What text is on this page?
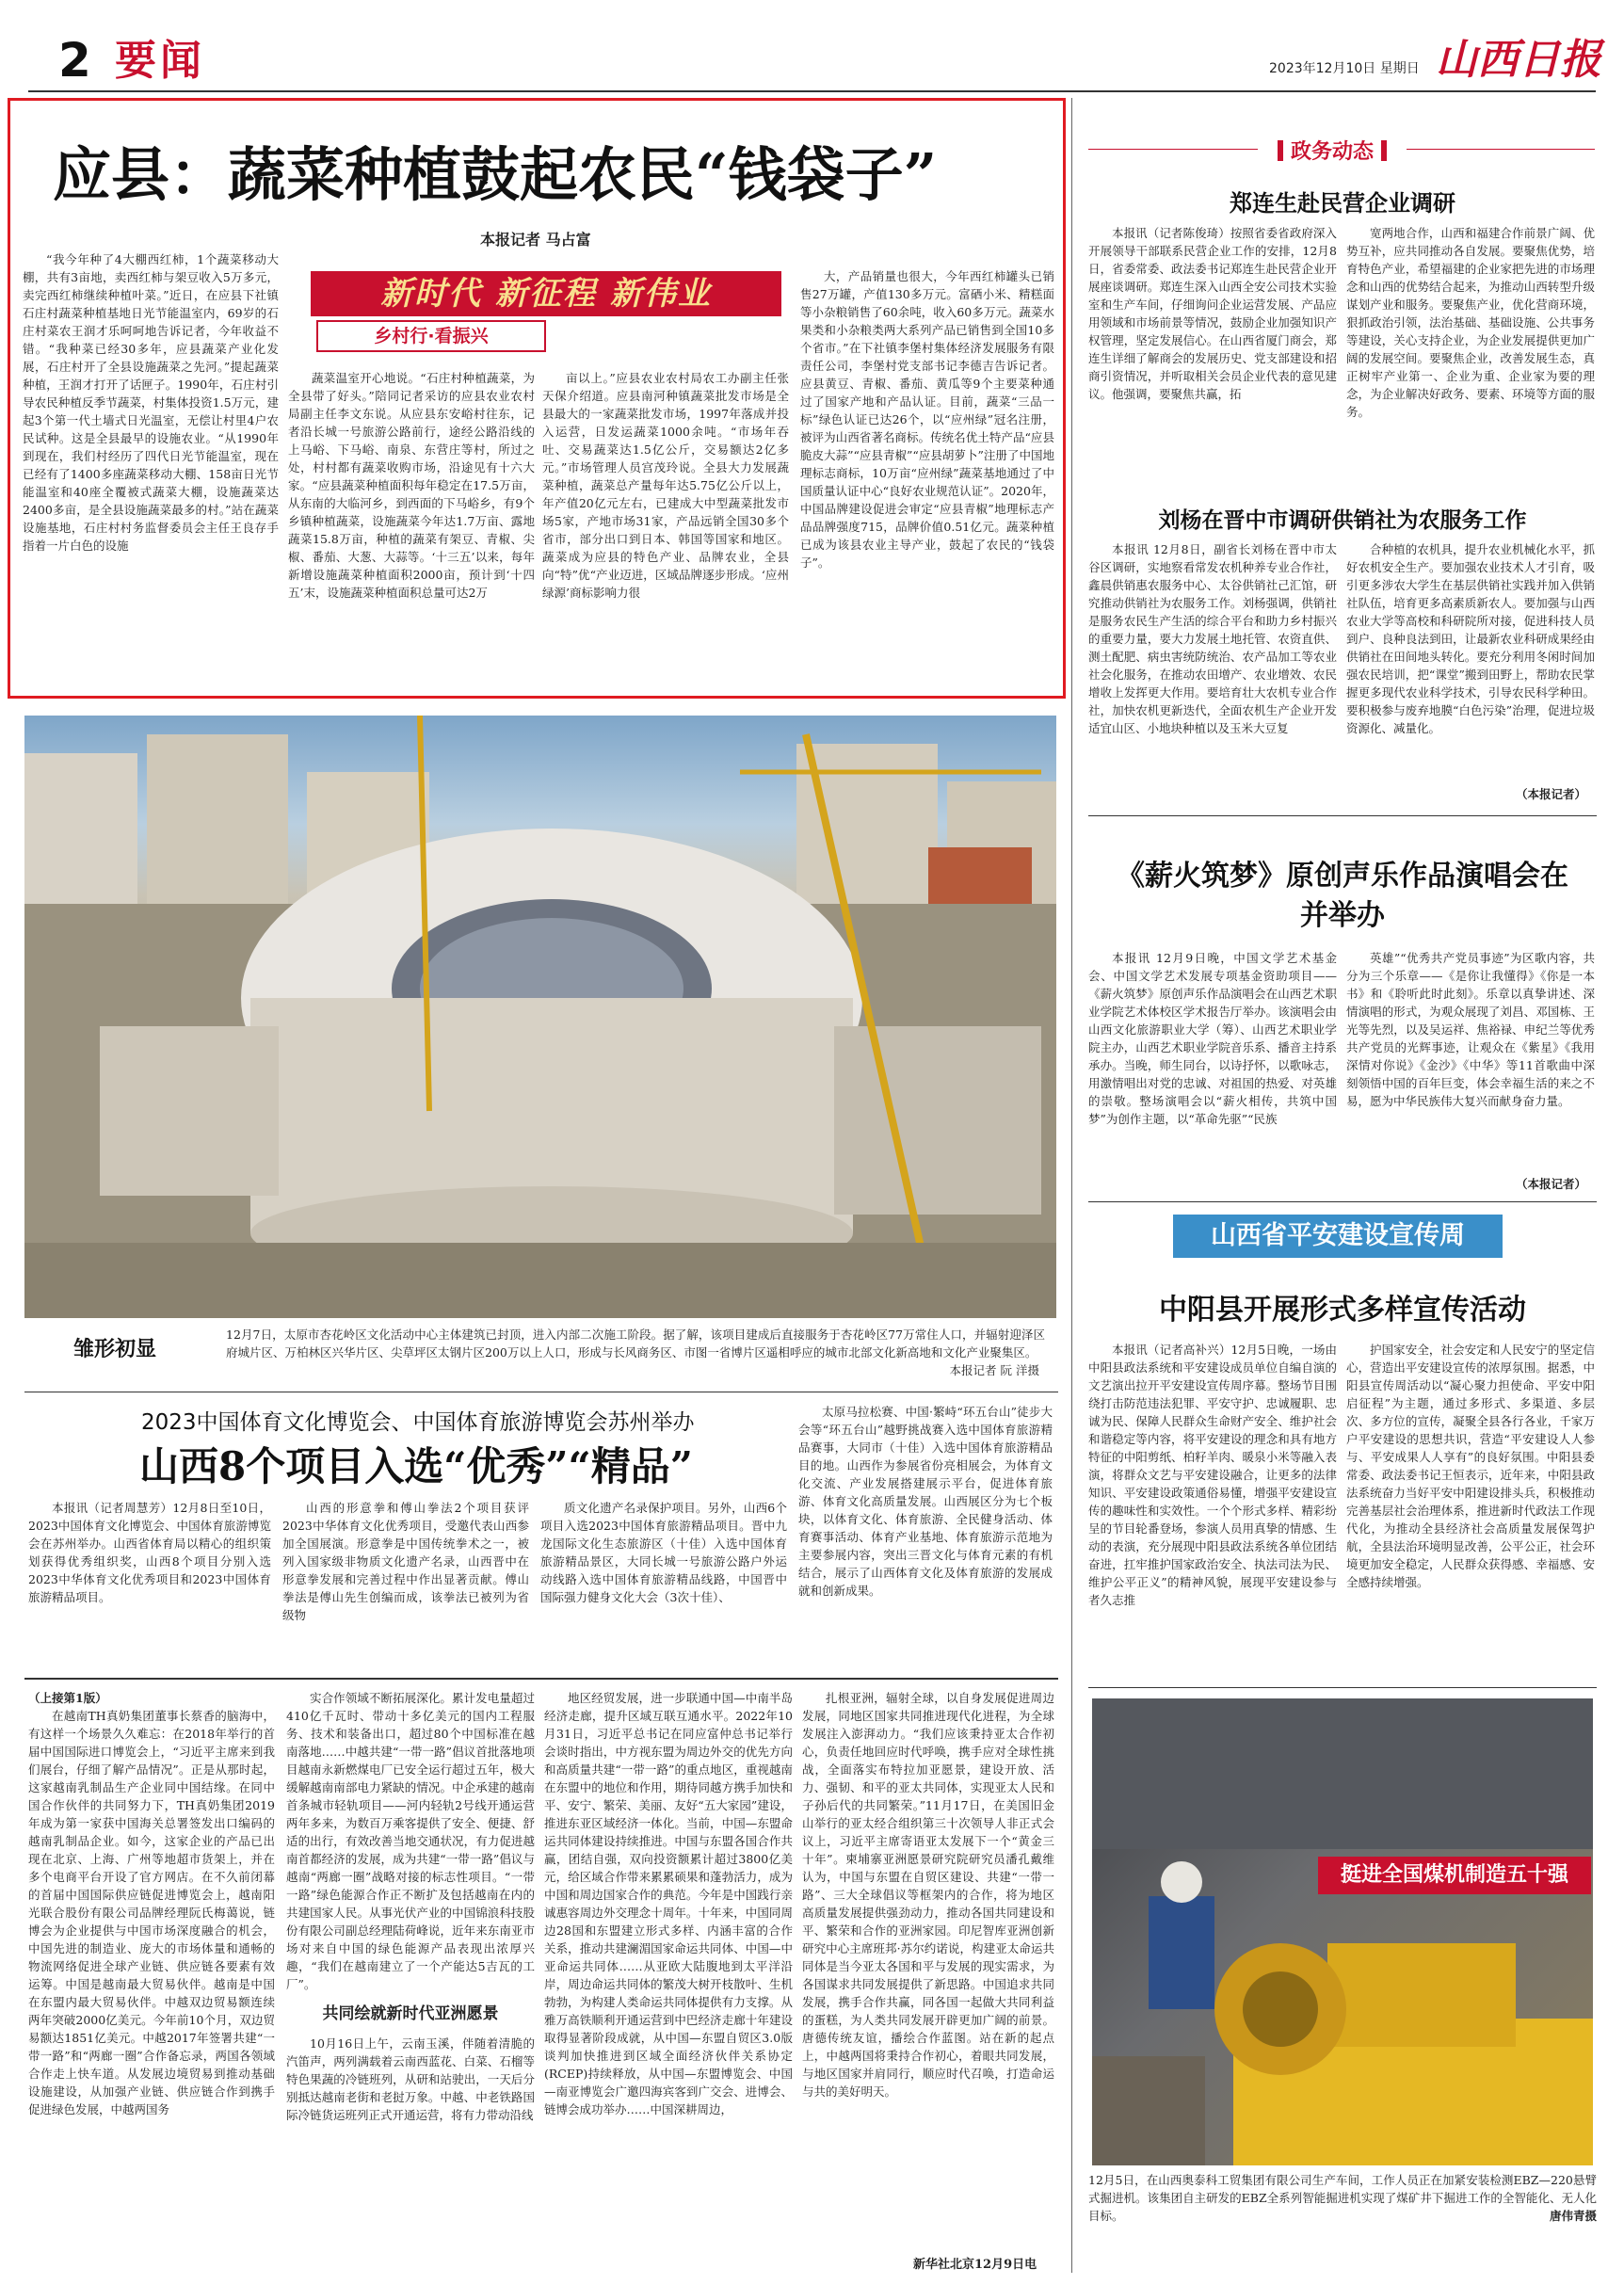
2 要闻	2023年12月10日 星期日 山西日报
应县：蔬菜种植鼓起农民“钱袋子”
本报记者 马占富
新时代 新征程 新伟业
乡村行·看振兴

“我今年种了4大棚西红柿，1个蔬菜移动大棚，共有3亩地，卖西红柿与架豆收入5万多元，卖完西红柿继续种植叶菜。”近日，在应县下社镇石庄村蔬菜种植基地日光节能温室内，69岁的石庄村菜农王润才乐呵呵地告诉记者，今年收益不错。“我种菜已经30多年，应县蔬菜产业化发展，石庄村开了全县设施蔬菜之先河。”提起蔬菜种植，王润才打开了话匣子。1990年，石庄村引导农民种植反季节蔬菜，村集体投资1.5万元，建起3个第一代土墙式日光温室，无偿让村里4户农民试种。这是全县最早的设施农业。“从1990年到现在，我们村经历了四代日光节能温室，现在已经有了1400多座蔬菜移动大棚、158亩日光节能温室和40座全覆被式蔬菜大棚，设施蔬菜达2400多亩，是全县设施蔬菜最多的村。”站在蔬菜设施基地，石庄村村务监督委员会主任王良存手指着一片白色的设施

蔬菜温室开心地说。“石庄村种植蔬菜，为全县带了好头。”陪同记者采访的应县农业农村局副主任李文东说。从应县东安峪村往东，记者沿长城一号旅游公路前行，途经公路沿线的上马峪、下马峪、南泉、东营庄等村，所过之处，村村都有蔬菜收购市场，沿途见有十六大家。“应县蔬菜种植面积每年稳定在17.5万亩，从东南的大临河乡，到西面的下马峪乡，有9个乡镇种植蔬菜，设施蔬菜今年达1.7万亩、露地蔬菜15.8万亩，种植的蔬菜有架豆、青椒、尖椒、番茄、大葱、大蒜等。‘十三五’以来，每年新增设施蔬菜种植面积2000亩，预计到‘十四五’末，设施蔬菜种植面积总量可达2万

亩以上。”应县农业农村局农工办副主任张天保介绍道。应县南河种镇蔬菜批发市场是全县最大的一家蔬菜批发市场，1997年落成并投入运营，日发运蔬菜1000余吨。“市场年吞吐、交易蔬菜达1.5亿公斤，交易额达2亿多元。”市场管理人员宫茂玲说。全县大力发展蔬菜种植，蔬菜总产量每年达5.75亿公斤以上，年产值20亿元左右，已建成大中型蔬菜批发市场5家，产地市场31家，产品远销全国30多个省市，部分出口到日本、韩国等国家和地区。蔬菜成为应县的特色产业、品牌农业，全县向“特”优“产业迈进，区域品牌逐步形成。‘应州绿源’商标影响力很

大，产品销量也很大，今年西红柿罐头已销售27万罐，产值130多万元。富硒小米、精糕面等小杂粮销售了60余吨，收入60多万元。蔬菜水果类和小杂粮类两大系列产品已销售到全国10多个省市。”在下社镇李堡村集体经济发展服务有限责任公司，李堡村党支部书记李德吉告诉记者。应县黄豆、青椒、番茄、黄瓜等9个主要菜种通过了国家产地和产品认证。目前，蔬菜“三品一标”绿色认证已达26个，以“应州绿”冠名注册，被评为山西省著名商标。传统名优土特产品“应县脆皮大蒜”“应县青椒”“应县胡萝卜”注册了中国地理标志商标，10万亩“应州绿”蔬菜基地通过了中国质量认证中心“良好农业规范认证”。2020年，中国品牌建设促进会审定“应县青椒”地理标志产品品牌强度715，品牌价值0.51亿元。蔬菜种植已成为该县农业主导产业，鼓起了农民的“钱袋子”。

雏形初显
12月7日，太原市杏花岭区文化活动中心主体建筑已封顶，进入内部二次施工阶段。据了解，该项目建成后直接服务于杏花岭区77万常住人口，并辐射迎泽区府城片区、万柏林区兴华片区、尖草坪区太钢片区200万以上人口，形成与长风商务区、市图一省博片区遥相呼应的城市北部文化新高地和文化产业聚集区。
本报记者 阮 洋摄
2023中国体育文化博览会、中国体育旅游博览会苏州举办
山西8个项目入选“优秀”“精品”

本报讯（记者周慧芳）12月8日至10日，2023中国体育文化博览会、中国体育旅游博览会在苏州举办。山西省体育局以精心的组织策划获得优秀组织奖，山西8个项目分别入选2023中华体育文化优秀项目和2023中国体育旅游精品项目。

山西的形意拳和傅山拳法2个项目获评2023中华体育文化优秀项目，受邀代表山西参加全国展演。形意拳是中国传统拳术之一，被列入国家级非物质文化遗产名录，山西晋中在形意拳发展和完善过程中作出显著贡献。傅山拳法是傅山先生创编而成，该拳法已被列为省级物

质文化遗产名录保护项目。另外，山西6个项目入选2023中国体育旅游精品项目。晋中九龙国际文化生态旅游区（十佳）入选中国体育旅游精品景区，大同长城一号旅游公路户外运动线路入选中国体育旅游精品线路，中国晋中国际强力健身文化大会（3次十佳）、

太原马拉松赛、中国·繁峙“环五台山”徒步大会等“环五台山”越野挑战赛入选中国体育旅游精品赛事，大同市（十佳）入选中国体育旅游精品目的地。山西作为参展省份亮相展会，为体育文化交流、产业发展搭建展示平台，促进体育旅游、体育文化高质量发展。山西展区分为七个板块，以体育文化、体育旅游、全民健身活动、体育赛事活动、体育产业基地、体育旅游示范地为主要参展内容，突出三晋文化与体育元素的有机结合，展示了山西体育文化及体育旅游的发展成就和创新成果。

（上接第1版）

在越南TH真奶集团董事长蔡香的脑海中，有这样一个场景久久难忘：在2018年举行的首届中国国际进口博览会上，“习近平主席来到我们展台，仔细了解产品情况”。正是从那时起，这家越南乳制品生产企业同中国结缘。在同中国合作伙伴的共同努力下，TH真奶集团2019年成为第一家获中国海关总署签发出口编码的越南乳制品企业。如今，这家企业的产品已出现在北京、上海、广州等地超市货架上，并在多个电商平台开设了官方网店。在不久前闭幕的首届中国国际供应链促进博览会上，越南阳光联合股份有限公司品牌经理阮氏梅蔼说，链博会为企业提供与中国市场深度融合的机会，中国先进的制造业、庞大的市场体量和通畅的物流网络促进全球产业链、供应链各要素有效运筹。中国是越南最大贸易伙伴。越南是中国在东盟内最大贸易伙伴。中越双边贸易额连续两年突破2000亿美元。今年前10个月，双边贸易额达1851亿美元。中越2017年签署共建“一带一路”和“两廊一圈”合作备忘录，两国各领域合作走上快车道。从发展边境贸易到推动基础设施建设，从加强产业链、供应链合作到携手促进绿色发展，中越两国务

实合作领域不断拓展深化。累计发电量超过410亿千瓦时、带动十多亿美元的国内工程服务、技术和装备出口，超过80个中国标准在越南落地……中越共建“一带一路”倡议首批落地项目越南永新燃煤电厂已安全运行超过五年，极大缓解越南南部电力紧缺的情况。中企承建的越南首条城市轻轨项目——河内轻轨2号线开通运营两年多来，为数百万乘客提供了安全、便捷、舒适的出行，有效改善当地交通状况，有力促进越南首都经济的发展，成为共建“一带一路”倡议与越南“两廊一圈”战略对接的标志性项目。“一带一路”绿色能源合作正不断扩及包括越南在内的共建国家人民。从事光伏产业的中国锦浪科技股份有限公司副总经理陆荷峰说，近年来东南亚市场对来自中国的绿色能源产品表现出浓厚兴趣，“我们在越南建立了一个产能达5吉瓦的工厂”。

共同绘就新时代亚洲愿景

10月16日上午，云南玉溪，伴随着清脆的汽笛声，两列满载着云南西蓝花、白菜、石榴等特色果蔬的冷链班列，从研和站驶出，一天后分别抵达越南老街和老挝万象。中越、中老铁路国际冷链货运班列正式开通运营，将有力带动沿线

地区经贸发展，进一步联通中国—中南半岛经济走廊，提升区域互联互通水平。2022年10月31日，习近平总书记在同应富仲总书记举行会谈时指出，中方视东盟为周边外交的优先方向和高质量共建“一带一路”的重点地区，重视越南在东盟中的地位和作用，期待同越方携手加快和平、安宁、繁荣、美丽、友好“五大家园”建设，推进东亚区域经济一体化。当前，中国—东盟命运共同体建设持续推进。中国与东盟各国合作共赢，团结自强，双向投资额累计超过3800亿美元，给区域合作带来累累硕果和蓬勃活力，成为中国和周边国家合作的典范。今年是中国践行亲诚惠容周边外交理念十周年。十年来，中国同周边28国和东盟建立形式多样、内涵丰富的合作关系，推动共建澜湄国家命运共同体、中国—中亚命运共同体……从亚欧大陆腹地到太平洋沿岸，周边命运共同体的繁茂大树开枝散叶、生机勃勃，为构建人类命运共同体提供有力支撑。从雅万高铁顺利开通运营到中巴经济走廊十年建设取得显著阶段成就，从中国—东盟自贸区3.0版谈判加快推进到区域全面经济伙伴关系协定(RCEP)持续释放，从中国—东盟博览会、中国—南亚博览会广邀四海宾客到广交会、进博会、链博会成功举办……中国深耕周边，

扎根亚洲，辐射全球，以自身发展促进周边发展，同地区国家共同推进现代化进程，为全球发展注入澎湃动力。“我们应该秉持亚太合作初心，负责任地回应时代呼唤，携手应对全球性挑战，全面落实布特拉加亚愿景，建设开放、活力、强韧、和平的亚太共同体，实现亚太人民和子孙后代的共同繁荣。”11月17日，在美国旧金山举行的亚太经合组织第三十次领导人非正式会议上，习近平主席寄语亚太发展下一个“黄金三十年”。柬埔寨亚洲愿景研究院研究员潘孔戴维认为，中国与东盟在自贸区建设、共建“一带一路”、三大全球倡议等框架内的合作，将为地区高质量发展提供强劲动力，推动各国共同建设和平、繁荣和合作的亚洲家园。印尼智库亚洲创新研究中心主席班邦·苏尔约诺说，构建亚太命运共同体是当今亚太各国和平与发展的现实需求，为各国谋求共同发展提供了新思路。中国追求共同发展，携手合作共赢，同各国一起做大共同利益的蛋糕，为人类共同发展开辟更加广阔的前景。唐德传统友谊，播绘合作蓝图。站在新的起点上，中越两国将秉持合作初心，着眼共同发展，与地区国家并肩同行，顺应时代召唤，打造命运与共的美好明天。

新华社北京12月9日电
政务动态
郑连生赴民营企业调研

本报讯（记者陈俊琦）按照省委省政府深入开展领导干部联系民营企业工作的安排，12月8日，省委常委、政法委书记郑连生赴民营企业开展座谈调研。郑连生深入山西全安公司技术实验室和生产车间，仔细询问企业运营发展、产品应用领域和市场前景等情况，鼓励企业加强知识产权管理，坚定发展信心。在山西省厦门商会，郑连生详细了解商会的发展历史、党支部建设和招商引资情况，并听取相关会员企业代表的意见建议。他强调，要聚焦共赢，拓

宽两地合作，山西和福建合作前景广阔、优势互补，应共同推动各自发展。要聚焦优势，培育特色产业，希望福建的企业家把先进的市场理念和山西的优势结合起来，为推动山西转型升级谋划产业和服务。要聚焦产业，优化营商环境，狠抓政治引领，法治基础、基础设施、公共事务等建设，关心支持企业，为企业发展提供更加广阔的发展空间。要聚焦企业，改善发展生态，真正树牢产业第一、企业为重、企业家为要的理念，为企业解决好政务、要素、环境等方面的服务。

刘杨在晋中市调研供销社为农服务工作

本报讯 12月8日，副省长刘杨在晋中市太谷区调研，实地察看常发农机种养专业合作社，鑫晨供销惠农服务中心、太谷供销社己汇馆，研究推动供销社为农服务工作。刘杨强调，供销社是服务农民生产生活的综合平台和助力乡村振兴的重要力量，要大力发展土地托管、农资直供、测土配肥、病虫害统防统治、农产品加工等农业社会化服务，在推动农田增产、农业增效、农民增收上发挥更大作用。要培育壮大农机专业合作社，加快农机更新迭代，全面农机生产企业开发适宜山区、小地块种植以及玉米大豆复

合种植的农机具，提升农业机械化水平，抓好农机安全生产。要加强农业技术人才引育，吸引更多涉农大学生在基层供销社实践并加入供销社队伍，培育更多高素质新农人。要加强与山西农业大学等高校和科研院所对接，促进科技人员到户、良种良法到田，让最新农业科研成果经由供销社在田间地头转化。要充分利用冬闲时间加强农民培训，把“课堂”搬到田野上，帮助农民掌握更多现代农业科学技术，引导农民科学种田。要积极参与废弃地膜“白色污染”治理，促进垃圾资源化、减量化。

（本报记者）
《薪火筑梦》原创声乐作品演唱会在并举办

本报讯 12月9日晚，中国文学艺术基金会、中国文学艺术发展专项基金资助项目——《薪火筑梦》原创声乐作品演唱会在山西艺术职业学院艺术体校区学术报告厅举办。该演唱会由山西文化旅游职业大学（筹）、山西艺术职业学院主办，山西艺术职业学院音乐系、播音主持系承办。当晚，师生同台，以诗抒怀，以歌咏志，用激情唱出对党的忠诚、对祖国的热爱、对英雄的崇敬。整场演唱会以“薪火相传，共筑中国梦”为创作主题，以“革命先驱”“民族

英雄”“优秀共产党员事迹”为区歌内容，共分为三个乐章——《是你让我懂得》《你是一本书》和《聆听此时此刻》。乐章以真挚讲述、深情演唱的形式，为观众展现了刘昌、邓国栋、王光等先烈，以及吴运祥、焦裕禄、申纪兰等优秀共产党员的光辉事迹，让观众在《紫星》《我用深情对你说》《金沙》《中华》等11首歌曲中深刻领悟中国的百年巨变，体会幸福生活的来之不易，愿为中华民族伟大复兴而献身奋力量。

（本报记者）
山西省平安建设宣传周
中阳县开展形式多样宣传活动

本报讯（记者高补兴）12月5日晚，一场由中阳县政法系统和平安建设成员单位自编自演的文艺演出拉开平安建设宣传周序幕。整场节目围绕打击防范违法犯罪、平安守护、忠诚履职、忠诚为民、保障人民群众生命财产安全、维护社会和谐稳定等内容，将平安建设的理念和具有地方特征的中阳剪纸、柏籽羊肉、暖泉小米等融入表演，将群众文艺与平安建设融合，让更多的法律知识、平安建设政策通俗易懂，增强平安建设宣传的趣味性和实效性。一个个形式多样、精彩纷呈的节目轮番登场，参演人员用真挚的情感、生动的表演，充分展现中阳县政法系统各单位团结奋进，扛牢推护国家政治安全、执法司法为民、维护公平正义”的精神风貌，展现平安建设参与者久志推

护国家安全，社会安定和人民安宁的坚定信心，营造出平安建设宣传的浓厚氛围。据悉，中阳县宣传周活动以“凝心聚力担使命、平安中阳启征程”为主题，通过多形式、多渠道、多层次、多方位的宣传，凝聚全县各行各业，千家万户平安建设的思想共识，营造“平安建设人人参与、平安成果人人享有”的良好氛围。中阳县委常委、政法委书记王恒表示，近年来，中阳县政法系统奋力当好平安中阳建设排头兵，积极推动完善基层社会治理体系，推进新时代政法工作现代化，为推动全县经济社会高质量发展保驾护航，全县法治环境明显改善，公平公正，社会环境更加安全稳定，人民群众获得感、幸福感、安全感持续增强。

挺进全国煤机制造五十强
12月5日，在山西奥泰科工贸集团有限公司生产车间，工作人员正在加紧安装检测EBZ—220悬臂式掘进机。该集团自主研发的EBZ全系列智能掘进机实现了煤矿井下掘进工作的全智能化、无人化目标。	唐伟青摄
